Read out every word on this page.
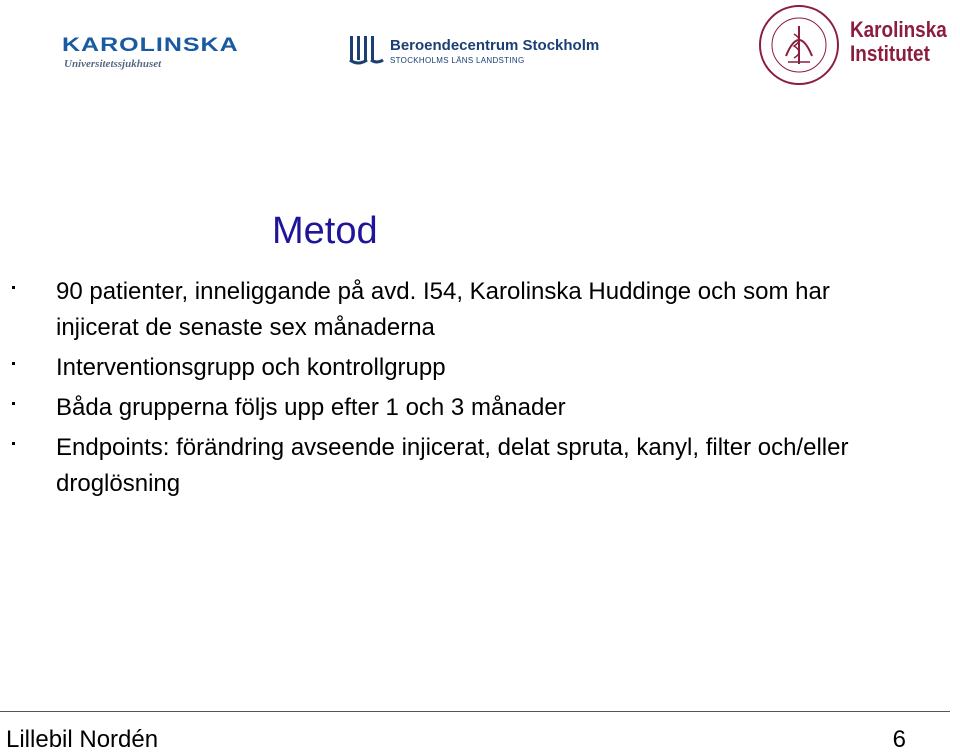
KAROLINSKA
Universitetssjukhuset
Beroendecentrum Stockholm
STOCKHOLMS LÄNS LANDSTING
Karolinska
Institutet
Metod
90 patienter, inneliggande på avd. I54, Karolinska Huddinge och som har injicerat de senaste sex månaderna
Interventionsgrupp och kontrollgrupp
Båda grupperna följs upp efter 1 och 3 månader
Endpoints: förändring avseende injicerat, delat spruta, kanyl, filter och/eller droglösning
Lillebil Nordén	6
